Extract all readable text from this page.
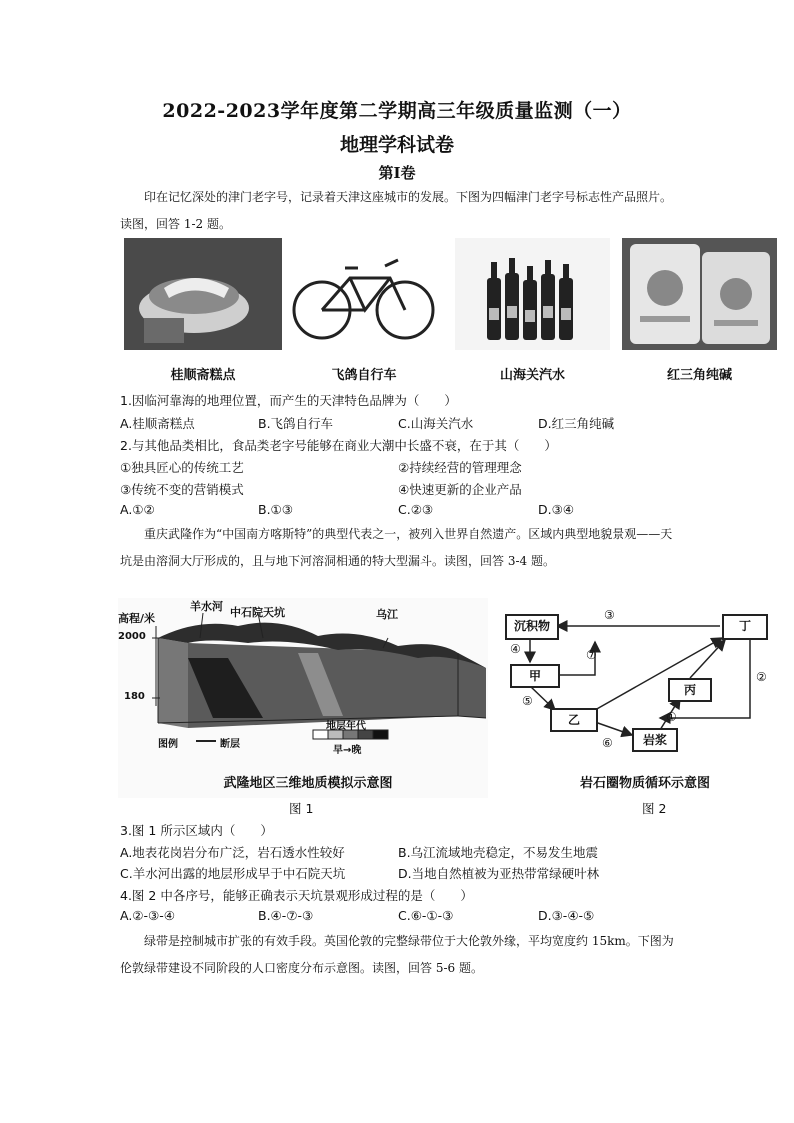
2022-2023学年度第二学期高三年级质量监测（一）
地理学科试卷
第Ⅰ卷
印在记忆深处的津门老字号，记录着天津这座城市的发展。下图为四幅津门老字号标志性产品照片。读图，回答 1-2 题。
桂顺斋糕点	飞鸽自行车	山海关汽水	红三角纯碱
1.因临河靠海的地理位置，而产生的天津特色品牌为（　　）
A.桂顺斋糕点	B.飞鸽自行车	C.山海关汽水	D.红三角纯碱
2.与其他品类相比，食品类老字号能够在商业大潮中长盛不衰，在于其（　　）
①独具匠心的传统工艺	②持续经营的管理理念
③传统不变的营销模式	④快速更新的企业产品
A.①②	B.①③	C.②③	D.③④
重庆武隆作为“中国南方喀斯特”的典型代表之一，被列入世界自然遗产。区域内典型地貌景观——天坑是由溶洞大厅形成的，且与地下河溶洞相通的特大型漏斗。读图，回答 3-4 题。
高程/米
2000
180
羊水河 中石院天坑	乌江
图例	断层
地层年代
早→晚
武隆地区三维地质模拟示意图
图 1
沉积物	丁
甲
丙
乙
岩浆
③
④	⑦
②
⑤
①
⑥
岩石圈物质循环示意图
图 2
3.图 1 所示区域内（　　）
A.地表花岗岩分布广泛，岩石透水性较好	B.乌江流域地壳稳定，不易发生地震
C.羊水河出露的地层形成早于中石院天坑	D.当地自然植被为亚热带常绿硬叶林
4.图 2 中各序号，能够正确表示天坑景观形成过程的是（　　）
A.②-③-④	B.④-⑦-③	C.⑥-①-③	D.③-④-⑤
绿带是控制城市扩张的有效手段。英国伦敦的完整绿带位于大伦敦外缘，平均宽度约 15km。下图为伦敦绿带建设不同阶段的人口密度分布示意图。读图，回答 5-6 题。
